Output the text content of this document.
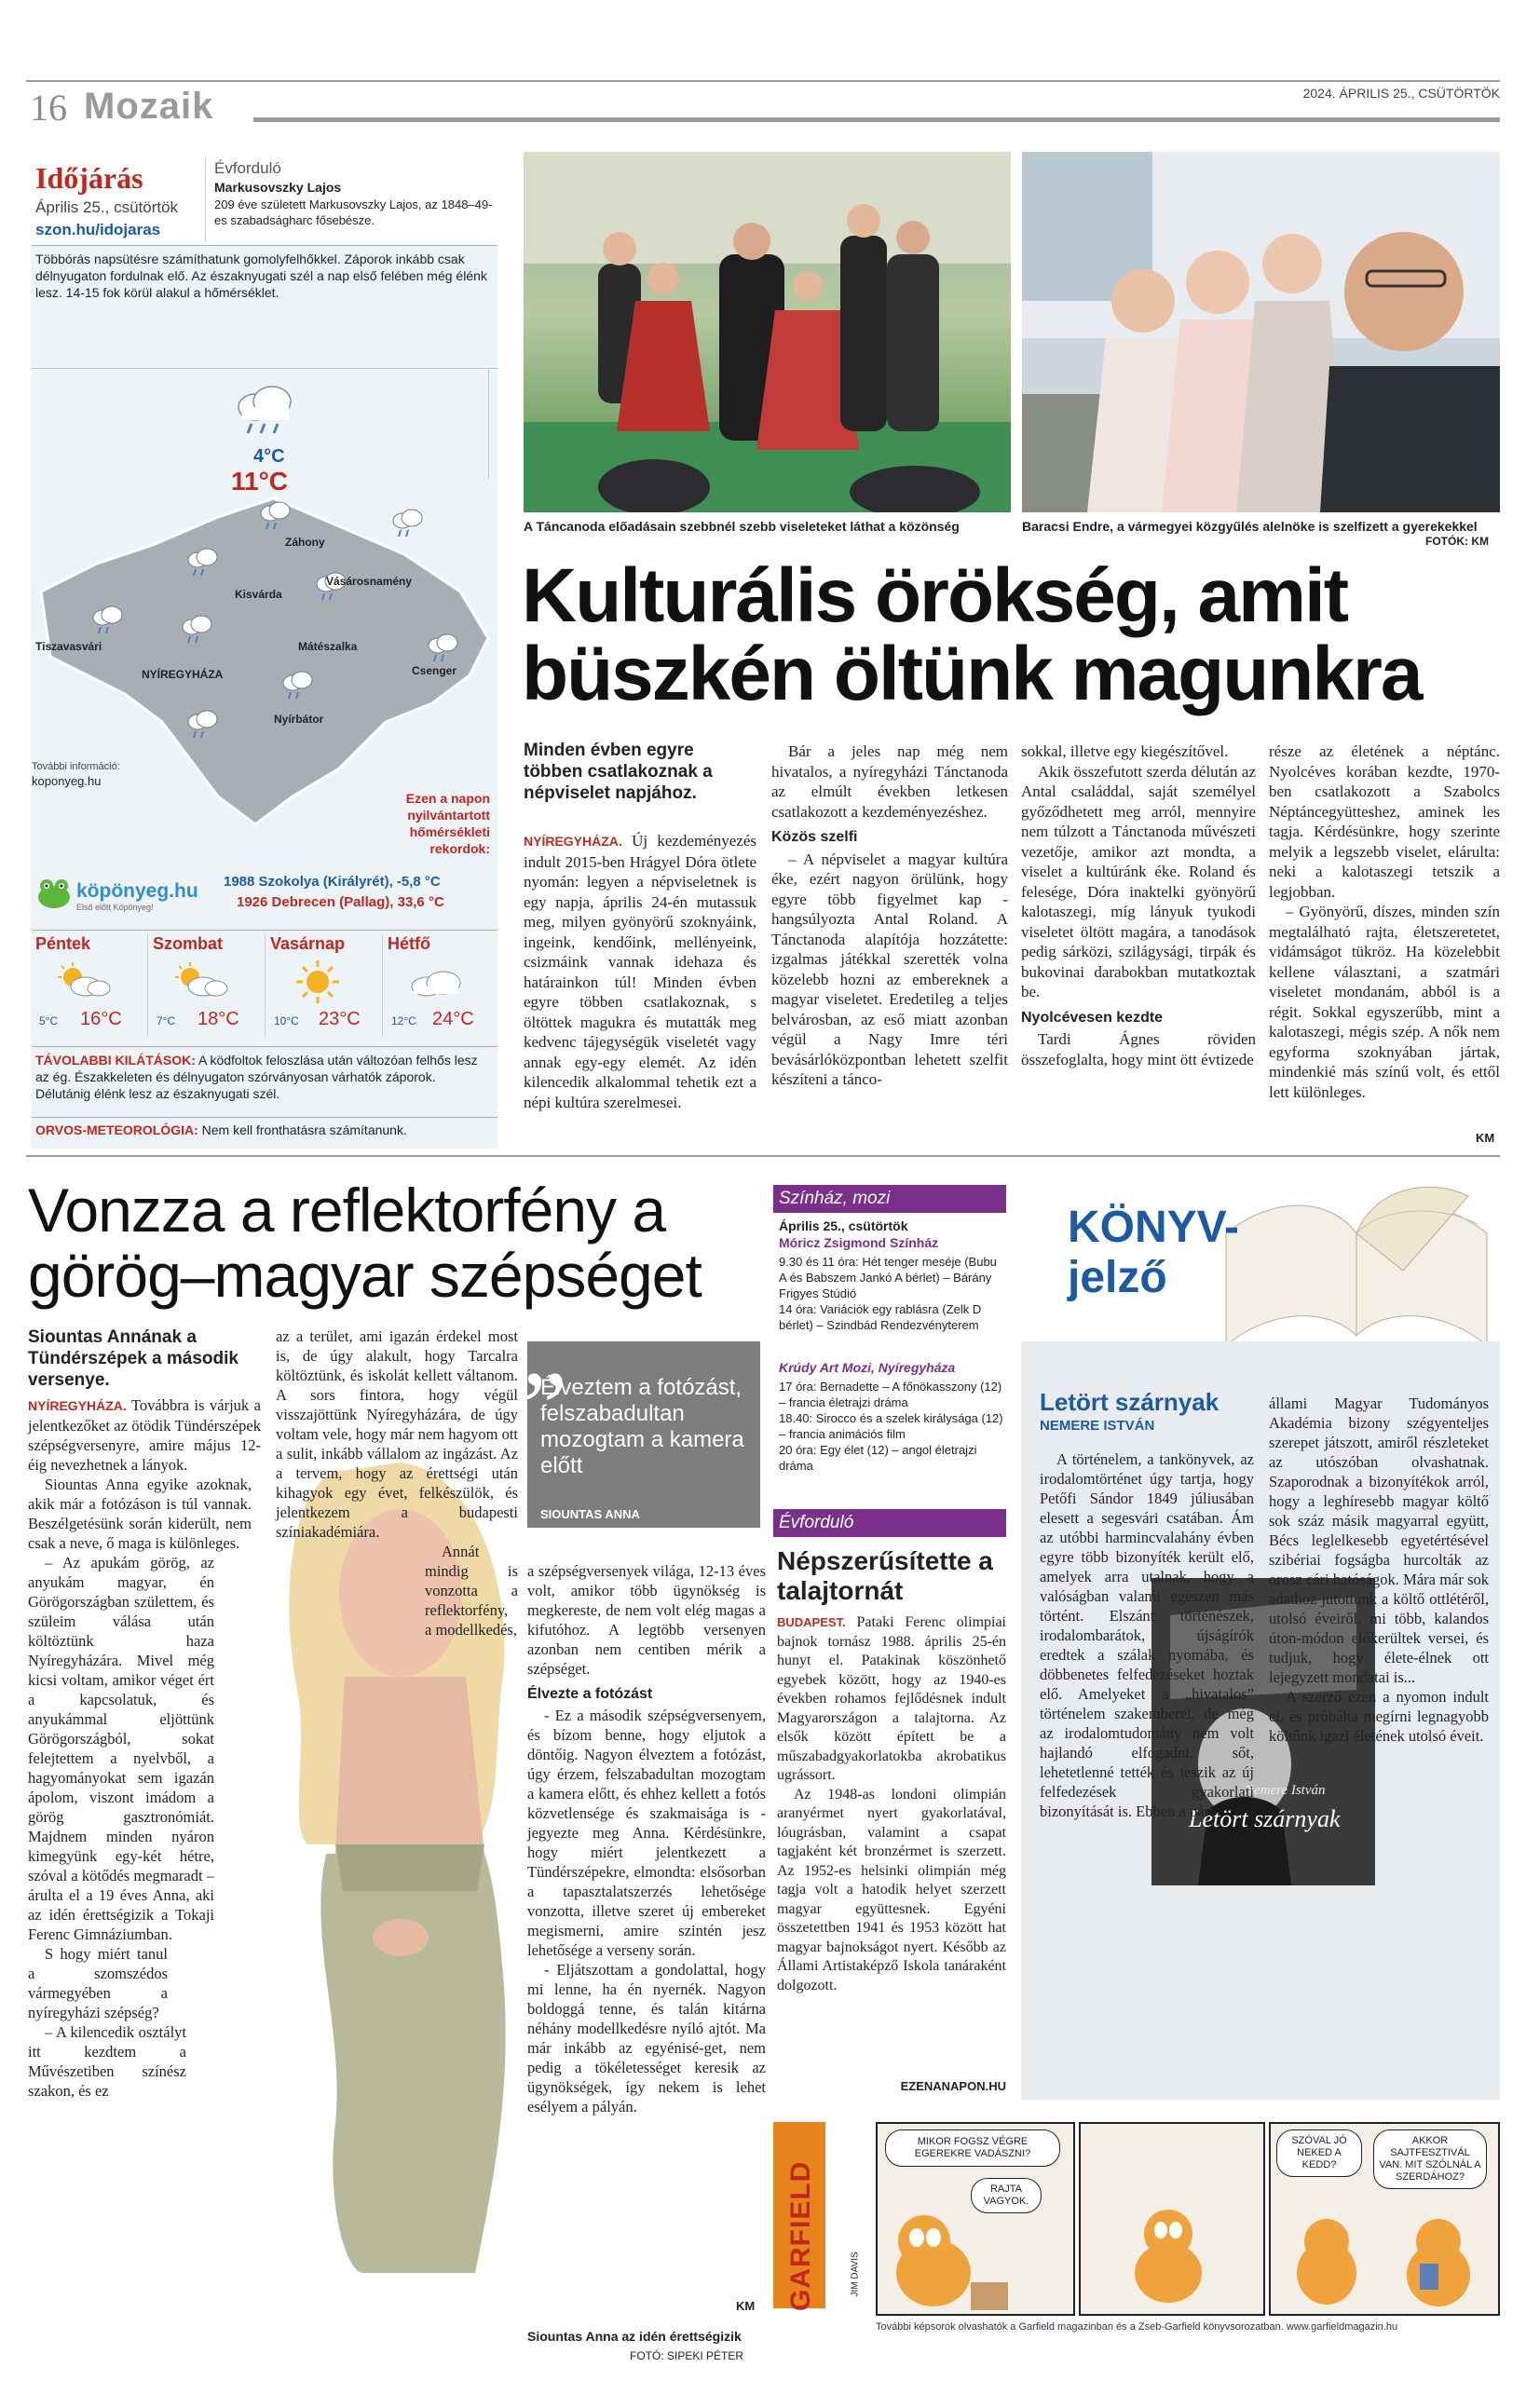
16 Mozaik	2024. ÁPRILIS 25., CSÜTÖRTÖK
Időjárás
Április 25., csütörtök
szon.hu/idojaras
Évforduló
Markusovszky Lajos
209 éve született Markusovszky Lajos, az 1848–49-es szabadságharc fősebésze.
Többórás napsütésre számíthatunk gomolyfelhőkkel. Záporok inkább csak délnyugaton fordulnak elő. Az északnyugati szél a nap első felében még élénk lesz. 14-15 fok körül alakul a hőmérséklet.
4°C
11°C
Záhony
Vásárosnamény
Kisvárda
Tiszavasvári	Mátészalka
Csenger
NYÍREGYHÁZA
Nyírbátor
További információ:
koponyeg.hu
Ezen a napon nyilvántartott hőmérsékleti rekordok:
köpönyeg.hu
Első előtt Köpönyeg!
1988 Szokolya (Királyrét), -5,8 °C
1926 Debrecen (Pallag), 33,6 °C
Péntek
5°C 16°C
Szombat
7°C 18°C
Vasárnap
10°C 23°C
Hétfő
12°C 24°C
TÁVOLABBI KILÁTÁSOK: A ködfoltok feloszlása után változóan felhős lesz az ég. Északkeleten és délnyugaton szórványosan várhatók záporok. Délutánig élénk lesz az északnyugati szél.
ORVOS-METEOROLÓGIA: Nem kell fronthatásra számítanunk.
A Táncanoda előadásain szebbnél szebb viseleteket láthat a közönség	Baracsi Endre, a vármegyei közgyűlés alelnöke is szelfizett a gyerekekkel
FOTÓK: KM
Kulturális örökség, amit büszkén öltünk magunkra
Minden évben egyre többen csatlakoznak a népviselet napjához.

NYÍREGYHÁZA. Új kezdeményezés indult 2015-ben Hrágyel Dóra ötlete nyomán: legyen a népviseletnek is egy napja, április 24-én mutassuk meg, milyen gyönyörű szoknyáink, ingeink, kendőink, mellényeink, csizmáink vannak idehaza és határainkon túl! Minden évben egyre többen csatlakoznak, s öltöttek magukra és mutatták meg kedvenc tájegységük viseletét vagy annak egy-egy elemét. Az idén kilencedik alkalommal tehetik ezt a népi kultúra szerelmesei.

Bár a jeles nap még nem hivatalos, a nyíregyházi Tánctanoda az elmúlt években letkesen csatlakozott a kezdeményezéshez.

Közös szelfi

– A népviselet a magyar kultúra éke, ezért nagyon örülünk, hogy egyre több figyelmet kap - hangsúlyozta Antal Roland. A Tánctanoda alapítója hozzátette: izgalmas játékkal szerették volna közelebb hozni az embereknek a magyar viseletet. Eredetileg a teljes belvárosban, az eső miatt azonban végül a Nagy Imre téri bevásárlóközpontban lehetett szelfit készíteni a tánco-

sokkal, illetve egy kiegészítővel.

Akik összefutott szerda délután az Antal családdal, saját személyel győződhetett meg arról, mennyire nem túlzott a Tánctanoda művészeti vezetője, amikor azt mondta, a viselet a kultúránk éke. Roland és felesége, Dóra inaktelki gyönyörű kalotaszegi, míg lányuk tyukodi viseletet öltött magára, a tanodások pedig sárközi, szilágysági, tirpák és bukovinai darabokban mutatkoztak be.

Nyolcévesen kezdte

Tardi Ágnes röviden összefoglalta, hogy mint ött évtizede

része az életének a néptánc. Nyolcéves korában kezdte, 1970-ben csatlakozott a Szabolcs Néptáncegyütteshez, aminek les tagja. Kérdésünkre, hogy szerinte melyik a legszebb viselet, elárulta: neki a kalotaszegi tetszik a legjobban.

– Gyönyörű, díszes, minden szín megtalálható rajta, életszeretetet, vidámságot tükröz. Ha közelebbit kellene választani, a szatmári viseletet mondanám, abból is a régit. Sokkal egyszerűbb, mint a kalotaszegi, mégis szép. A nők nem egyforma szoknyában jártak, mindenkié más színű volt, és ettől lett különleges.

KM
Vonzza a reflektorfény a görög–magyar szépséget
Siountas Annának a Tündérszépek a második versenye.

NYÍREGYHÁZA. Továbbra is várjuk a jelentkezőket az ötödik Tündérszépek szépségversenyre, amire május 12-éig nevezhetnek a lányok.

Siountas Anna egyike azoknak, akik már a fotózáson is túl vannak. Beszélgetésünk során kiderült, nem csak a neve, ő maga is különleges.

– Az apukám görög, az anyukám magyar, én Görögországban születtem, és szüleim válása után költöztünk haza Nyíregyházára. Mivel még kicsi voltam, amikor véget ért a kapcsolatuk, és anyukámmal eljöttünk Görögországból, sokat felejtettem a nyelvből, a hagyományokat sem igazán ápolom, viszont imádom a görög gasztronómiát. Majdnem minden nyáron kimegyünk egy-két hétre, szóval a kötődés megmaradt – árulta el a 19 éves Anna, aki az idén érettségizik a Tokaji Ferenc Gimnáziumban.

S hogy miért tanul a szomszédos vármegyében a nyíregyházi szépség?

– A kilencedik osztályt itt kezdtem a Művészetiben színész szakon, és ez

az a terület, ami igazán érdekel most is, de úgy alakult, hogy Tarcalra költöztünk, és iskolát kellett váltanom. A sors fintora, hogy végül visszajöttünk Nyíregyházára, de úgy voltam vele, hogy már nem hagyom ott a sulit, inkább vállalom az ingázást. Az a tervem, hogy az érettségi után kihagyok egy évet, felkészülök, és jelentkezem a budapesti színiakadémiára.

Annát mindig is vonzotta a reflektorfény, a modellkedés,

„
Élveztem a fotózást, felszabadultan mozogtam a kamera előtt
SIOUNTAS ANNA

a szépségversenyek világa, 12-13 éves volt, amikor több ügynökség is megkereste, de nem volt elég magas a kifutóhoz. A legtöbb versenyen azonban nem centiben mérik a szépséget.

Élvezte a fotózást

- Ez a második szépségversenyem, és bízom benne, hogy eljutok a döntőig. Nagyon élveztem a fotózást, úgy érzem, felszabadultan mozogtam a kamera előtt, és ehhez kellett a fotós közvetlensége és szakmaisága is - jegyezte meg Anna. Kérdésünkre, hogy miért jelentkezett a Tündérszépekre, elmondta: elsősorban a tapasztalatszerzés lehetősége vonzotta, illetve szeret új embereket megismerni, amire szintén jesz lehetősége a verseny során.

- Eljátszottam a gondolattal, hogy mi lenne, ha én nyernék. Nagyon boldoggá tenne, és talán kitárna néhány modellkedésre nyíló ajtót. Ma már inkább az egyénisé-get, nem pedig a tökéletességet keresik az ügynökségek, így nekem is lehet esélyem a pályán.

KM
Siountas Anna az idén érettségizik
FOTÓ: SIPEKI PÉTER
Színház, mozi
Április 25., csütörtök
Móricz Zsigmond Színház
9.30 és 11 óra: Hét tenger meséje (Bubu A és Babszem Jankó A bérlet) – Bárány Frigyes Stúdió
14 óra: Variációk egy rablásra (Zelk D bérlet) – Szindbád Rendezvényterem
Krúdy Art Mozi, Nyíregyháza
17 óra: Bernadette – A főnökasszony (12) – francia életrajzi dráma
18.40: Sirocco és a szelek királysága (12) – francia animációs film
20 óra: Egy élet (12) – angol életrajzi dráma
Évforduló
Népszerűsítette a talajtornát

BUDAPEST. Pataki Ferenc olimpiai bajnok tornász 1988. április 25-én hunyt el. Patakinak köszönhető egyebek között, hogy az 1940-es években rohamos fejlődésnek indult Magyarországon a talajtorna. Az elsők között épített be a műszabadgyakorlatokba akrobatikus ugrássort.

Az 1948-as londoni olimpián aranyérmet nyert gyakorlatával, lóugrásban, valamint a csapat tagjaként két bronzérmet is szerzett. Az 1952-es helsinki olimpián még tagja volt a hatodik helyet szerzett magyar együttesnek. Egyéni összetettben 1941 és 1953 között hat magyar bajnokságot nyert. Később az Állami Artistaképző Iskola tanáraként dolgozott.

EZENANAPON.HU
KÖNYV-
jelző
Letört szárnyak
NEMERE ISTVÁN
Nemere István
Letört szárnyak

A történelem, a tankönyvek, az irodalomtörténet úgy tartja, hogy Petőfi Sándor 1849 júliusában elesett a segesvári csatában. Ám az utóbbi harmincvalahány évben egyre több bizonyíték került elő, amelyek arra utalnak, hogy a valóságban valami egészen más történt. Elszánt történészek, irodalombarátok, újságírók eredtek a szálak nyomába, és döbbenetes felfedezéseket hoztak elő. Amelyeket a „hivatalos” történelem szakemberei, de még az irodalomtudomány nem volt hajlandó elfogadni, sőt, lehetetlenné tették és teszik az új felfedezések gyakorlati bizonyítását is. Ebben a párt-

állami Magyar Tudományos Akadémia bizony szégyenteljes szerepet játszott, amiről részleteket az utószóban olvashatnak. Szaporodnak a bizonyítékok arról, hogy a leghíresebb magyar költő sok száz másik magyarral együtt, Bécs leglelkesebb egyetértésével szibériai fogságba hurcolták az orosz cári hatóságok. Mára már sok adathoz jutottunk a költő ottlétéről, utolsó éveiről, mi több, kalandos úton-módon előkerültek versei, és tudjuk, hogy élete-élnek ott lejegyzett mondatai is...

A szerző ezen a nyomon indult el, és próbálta megírni legnagyobb költőnk igazi életének utolsó éveit.

GARFIELD	JIM DAVIS
MIKOR FOGSZ VÉGRE EGEREKRE VADÁSZNI?
RAJTA VAGYOK.
SZÓVAL JÓ NEKED A KEDD?
AKKOR SAJTFESZTIVÁL VAN. MIT SZÓLNÁL A SZERDÁHOZ?
További képsorok olvashatók a Garfield magazinban és a Zseb-Garfield könyvsorozatban. www.garfieldmagazin.hu
